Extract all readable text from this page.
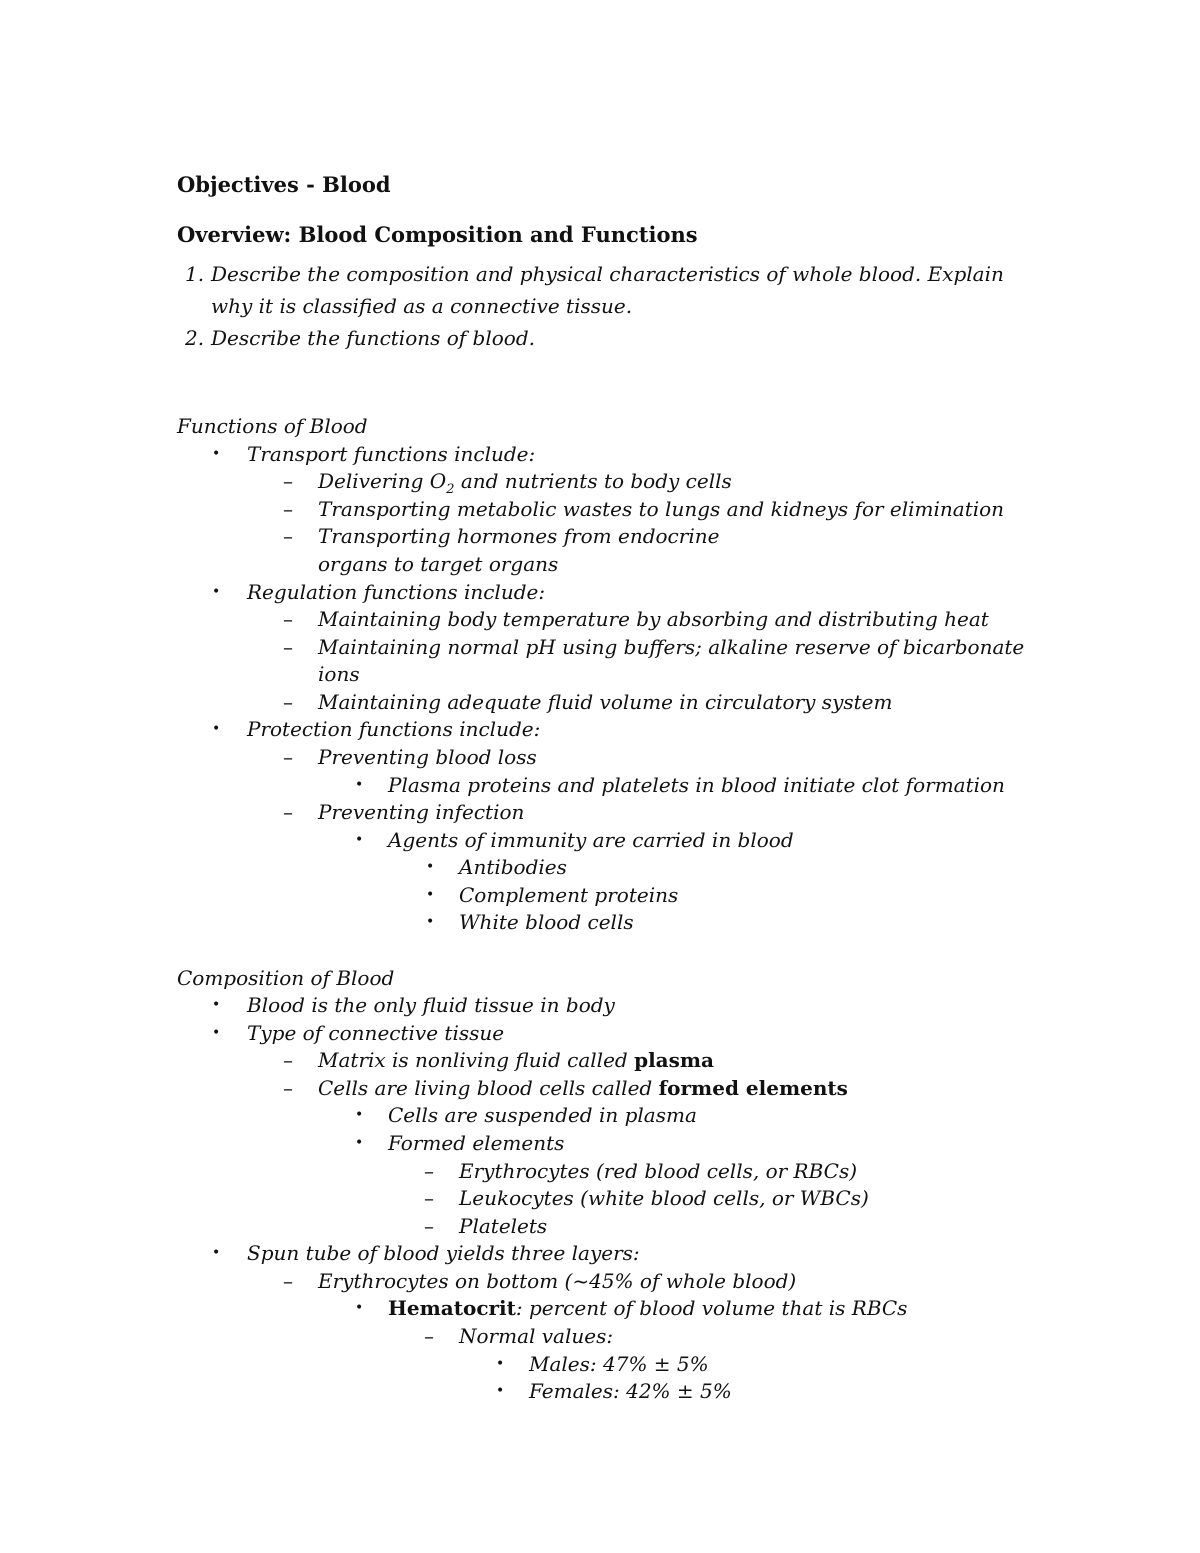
Objectives - Blood
Overview: Blood Composition and Functions
1. Describe the composition and physical characteristics of whole blood. Explain why it is classified as a connective tissue.
2. Describe the functions of blood.
Functions of Blood
• Transport functions include:
– Delivering $O_2$ and nutrients to body cells
– Transporting metabolic wastes to lungs and kidneys for elimination
– Transporting hormones from endocrine
organs to target organs
• Regulation functions include:
– Maintaining body temperature by absorbing and distributing heat
– Maintaining normal pH using buffers; alkaline reserve of bicarbonate
ions
– Maintaining adequate fluid volume in circulatory system
• Protection functions include:
– Preventing blood loss
• Plasma proteins and platelets in blood initiate clot formation
– Preventing infection
• Agents of immunity are carried in blood
• Antibodies
• Complement proteins
• White blood cells
Composition of Blood
• Blood is the only fluid tissue in body
• Type of connective tissue
– Matrix is nonliving fluid called plasma
– Cells are living blood cells called formed elements
• Cells are suspended in plasma
• Formed elements
– Erythrocytes (red blood cells, or RBCs)
– Leukocytes (white blood cells, or WBCs)
– Platelets
• Spun tube of blood yields three layers:
– Erythrocytes on bottom (~45% of whole blood)
• Hematocrit: percent of blood volume that is RBCs
– Normal values:
• Males: 47% ± 5%
• Females: 42% ± 5%
